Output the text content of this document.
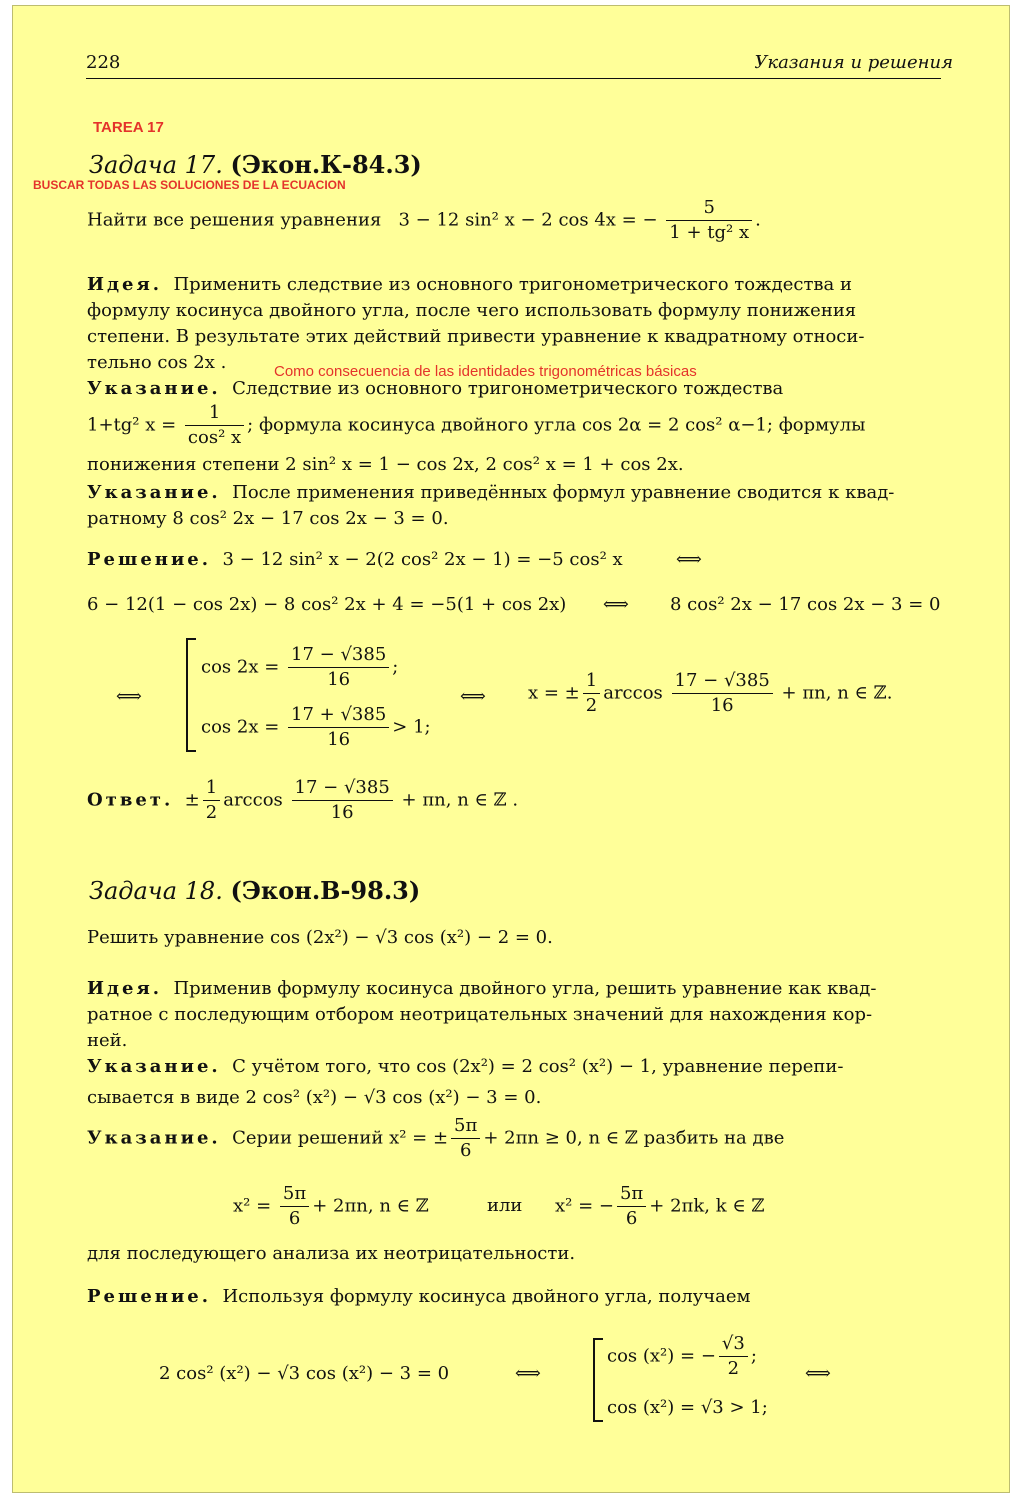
228	Указания и решения
TAREA 17
BUSCAR TODAS LAS SOLUCIONES DE LA ECUACION
Como consecuencia de las identidades trigonométricas básicas
Задача 17. (Экон.К-84.3)
Найти все решения уравнения 3 − 12 sin² x − 2 cos 4x = − $\frac{5}{\text{1 + tg² x}}$ .
Идея. Применить следствие из основного тригонометрического тождества и
формулу косинуса двойного угла, после чего использовать формулу понижения
степени. В результате этих действий привести уравнение к квадратному относи-
тельно cos 2x .
Указание. Следствие из основного тригонометрического тождества
1+tg² $x = \frac{1}{\text{cos² x}}$ ; формула косинуса двойного угла cos 2α = 2 cos² α−1; формулы
понижения степени 2 sin² x = 1 − cos 2x, 2 cos² x = 1 + cos 2x.
Указание. После применения приведённых формул уравнение сводится к квад-
ратному 8 cos² 2x − 17 cos 2x − 3 = 0.
Решение. 3 − 12 sin² x − 2(2 cos² 2x − 1) = −5 cos² x	⟺
6 − 12(1 − cos 2x) − 8 cos² 2x + 4 = −5(1 + cos 2x) ⟺ 8 cos² 2x − 17 cos 2x − 3 = 0
⟺
$\cos 2x = \frac{17 - √385}{16}$ ;
$\cos 2x = \frac{17 + √385}{16} > 1$;
⟺ x = ± $\frac{1}{2}$ $\arccos \frac{17 - √385}{16} + \pi n$, n ∈ ℤ.
Ответ. ± $\frac{1}{2}$ $\arccos \frac{17 - √385}{16} + \pi n$, n ∈ ℤ .
Задача 18. (Экон.В-98.3)
Решить уравнение cos (2x²) − √3 cos (x²) − 2 = 0.
Идея. Применив формулу косинуса двойного угла, решить уравнение как квад-
ратное с последующим отбором неотрицательных значений для нахождения кор-
ней.
Указание. С учётом того, что cos (2x²) = 2 cos² (x²) − 1, уравнение перепи-
сывается в виде 2 cos² (x²) − √3 cos (x²) − 3 = 0.
Указание. Серии решений x² = ± $\frac{5\pi}{6} + 2\pi n \ge 0$, n ∈ ℤ разбить на две
$x^2 = \frac{5\pi}{6} + 2\pi n$, n ∈ ℤ	или x² = − $\frac{5\pi}{6} + 2\pi k$, k ∈ ℤ
для последующего анализа их неотрицательности.
Решение. Используя формулу косинуса двойного угла, получаем
2 cos² (x²) − √3 cos (x²) − 3 = 0	⟺
cos (x²) = − $\frac{√3}{2}$ ;
cos (x²) = √3 > 1;
⟺
